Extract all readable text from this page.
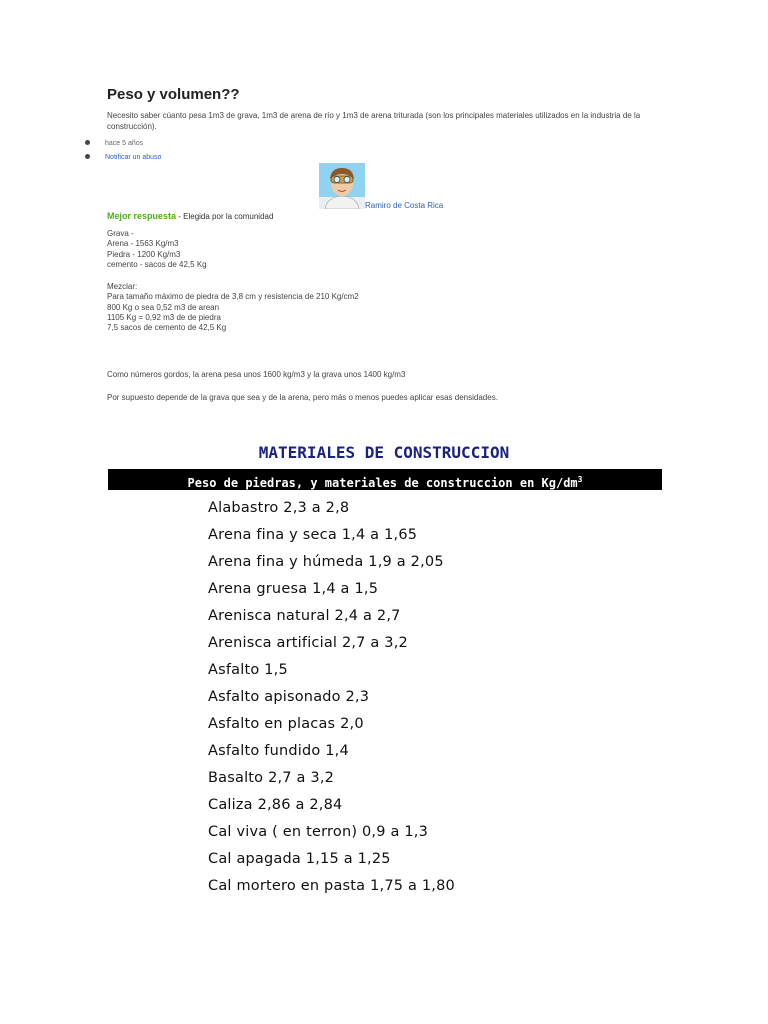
Peso y volumen??
Necesito saber cúanto pesa 1m3 de grava, 1m3 de arena de río y 1m3 de arena triturada (son los principales materiales utilizados en la industria de la construcción).
hace 5 años
Notificar un abuso
Ramiro de Costa Rica
Mejor respuesta - Elegida por la comunidad
Grava -
Arena - 1563 Kg/m3
Piedra - 1200 Kg/m3
cemento - sacos de 42,5 Kg
Mezclar:
Para tamaño máximo de piedra de 3,8 cm y resistencia de 210 Kg/cm2
800 Kg o sea 0,52 m3 de arean
1105 Kg = 0,92 m3 de de piedra
7,5 sacos de cemento de 42,5 Kg
Como números gordos, la arena pesa unos 1600 kg/m3 y la grava unos 1400 kg/m3
Por supuesto depende de la grava que sea y de la arena, pero más o menos puedes aplicar esas densidades.
MATERIALES DE CONSTRUCCION
Peso de piedras, y materiales de construccion en $Kg/dm^3$
Alabastro 2,3 a 2,8
Arena fina y seca 1,4 a 1,65
Arena fina y húmeda 1,9 a 2,05
Arena gruesa 1,4 a 1,5
Arenisca natural 2,4 a 2,7
Arenisca artificial 2,7 a 3,2
Asfalto 1,5
Asfalto apisonado 2,3
Asfalto en placas 2,0
Asfalto fundido 1,4
Basalto 2,7 a 3,2
Caliza 2,86 a 2,84
Cal viva ( en terron) 0,9 a 1,3
Cal apagada 1,15 a 1,25
Cal mortero en pasta 1,75 a 1,80
